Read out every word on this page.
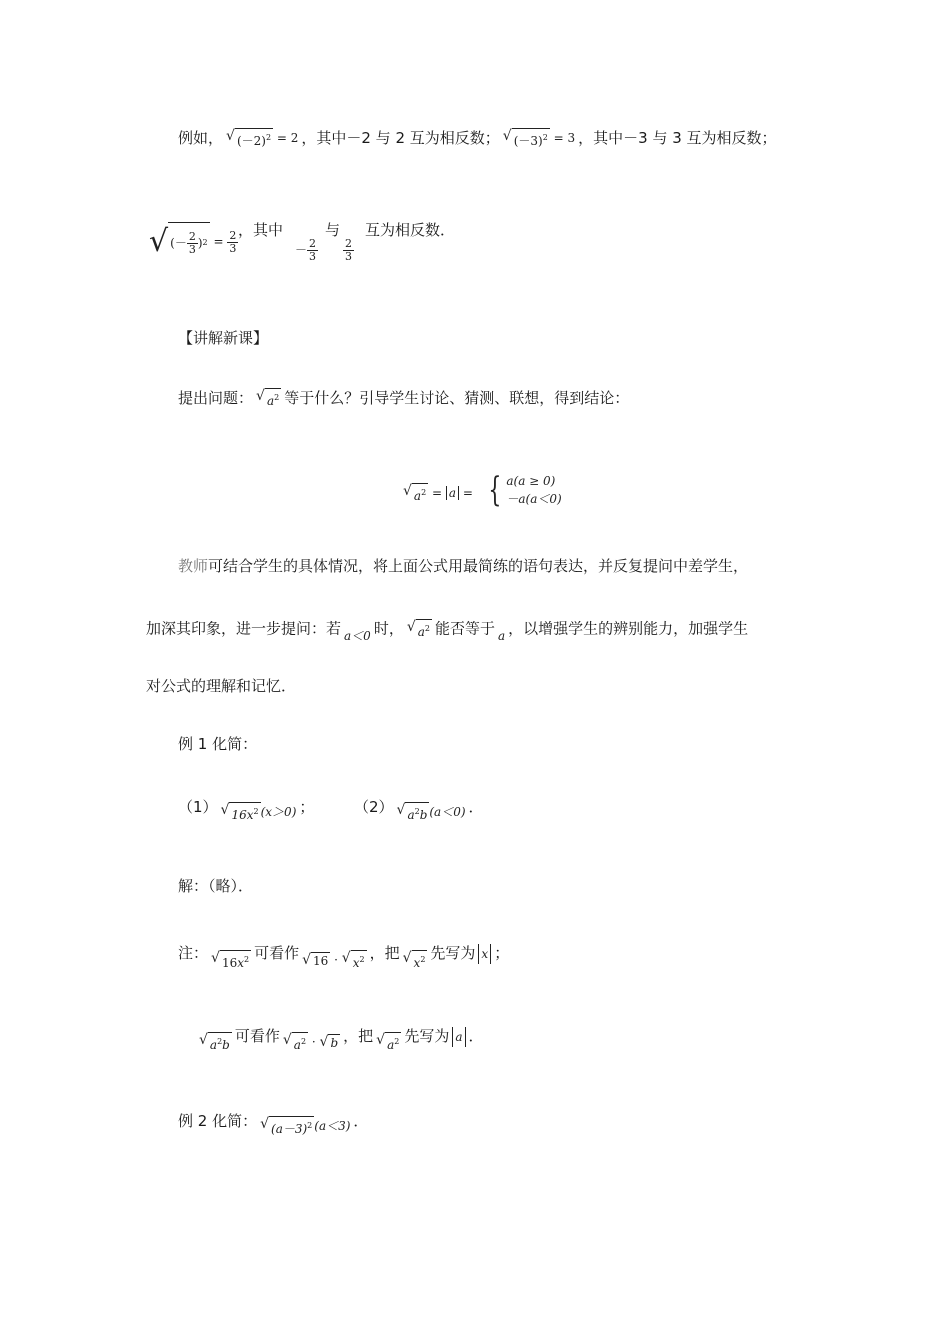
例如， √ $(-2)^2 = 2$ ，其中－2 与 2 互为相反数； √ $(-3)^2 = 3$ ，其中－3 与 3 互为相反数；
√ ( － $\frac{2}{3}$ ) $2 = \frac{2}{3}$ ，其中	与 互为相反数．
－ $\frac{2}{3} \frac{2}{3}$
【讲解新课】
提出问题： √ $a^2$ 等于什么？引导学生讨论、猜测、联想，得到结论：
√ $a^2 = a$ = { a(a ≥ 0)
－a(a＜0)
教师可结合学生的具体情况，将上面公式用最简练的语句表达，并反复提问中差学生，
加深其印象，进一步提问：若 a＜0 时， √ $a^2$ 能否等于 a ，以增强学生的辨别能力，加强学生
对公式的理解和记忆．
例 1 化简：
（1） √ $16x^2$ (x＞0) ；	（2） √ $a^2b$ (a＜0) ．
解：（略）．
注： √ $16x^2$ 可看作 √ 16 · √ $x^2$ ，把 √ $x^2$ 先写为 x ；
√ $a^2b$ 可看作 √ $a^2$ · √ b ，把 √ $a^2$ 先写为 a ．
例 2 化简： √ $(a-3)^2$ (a＜3) ．
